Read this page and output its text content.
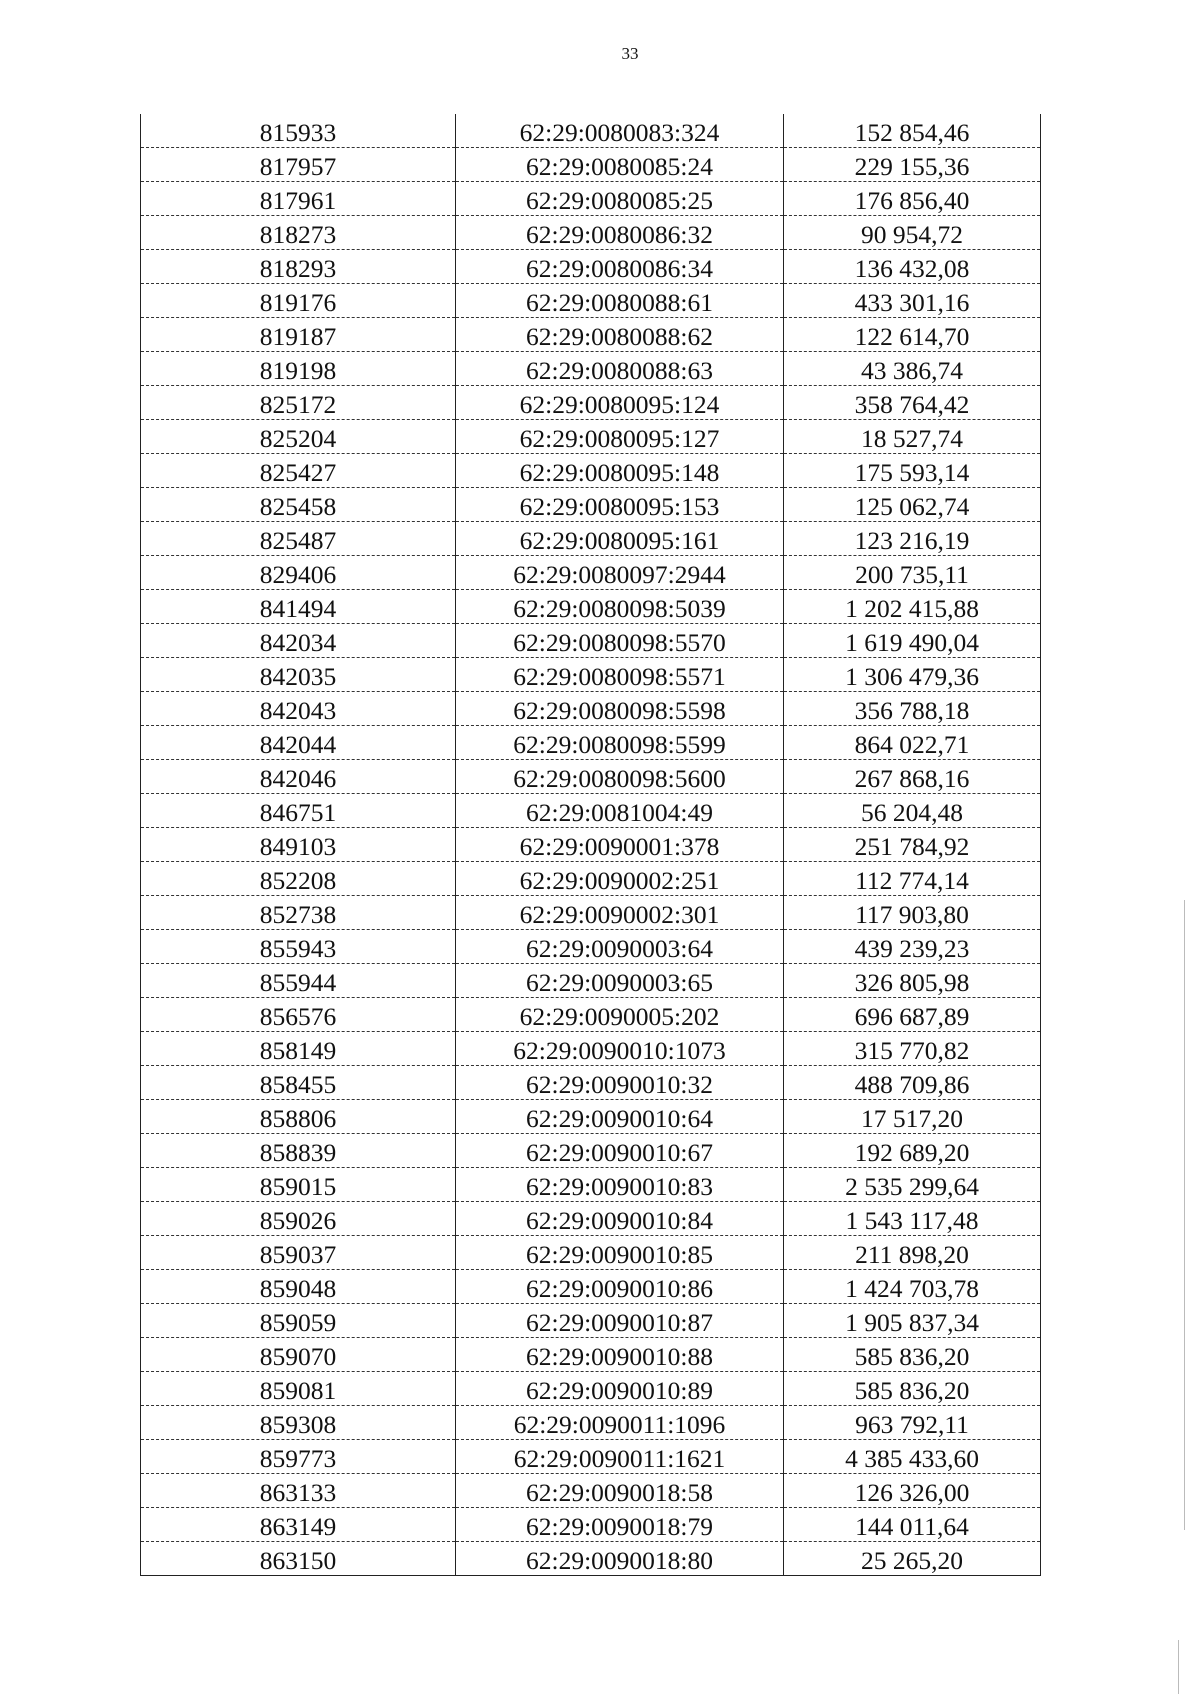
33
815933	62:29:0080083:324	152 854,46
817957	62:29:0080085:24	229 155,36
817961	62:29:0080085:25	176 856,40
818273	62:29:0080086:32	90 954,72
818293	62:29:0080086:34	136 432,08
819176	62:29:0080088:61	433 301,16
819187	62:29:0080088:62	122 614,70
819198	62:29:0080088:63	43 386,74
825172	62:29:0080095:124	358 764,42
825204	62:29:0080095:127	18 527,74
825427	62:29:0080095:148	175 593,14
825458	62:29:0080095:153	125 062,74
825487	62:29:0080095:161	123 216,19
829406	62:29:0080097:2944	200 735,11
841494	62:29:0080098:5039	1 202 415,88
842034	62:29:0080098:5570	1 619 490,04
842035	62:29:0080098:5571	1 306 479,36
842043	62:29:0080098:5598	356 788,18
842044	62:29:0080098:5599	864 022,71
842046	62:29:0080098:5600	267 868,16
846751	62:29:0081004:49	56 204,48
849103	62:29:0090001:378	251 784,92
852208	62:29:0090002:251	112 774,14
852738	62:29:0090002:301	117 903,80
855943	62:29:0090003:64	439 239,23
855944	62:29:0090003:65	326 805,98
856576	62:29:0090005:202	696 687,89
858149	62:29:0090010:1073	315 770,82
858455	62:29:0090010:32	488 709,86
858806	62:29:0090010:64	17 517,20
858839	62:29:0090010:67	192 689,20
859015	62:29:0090010:83	2 535 299,64
859026	62:29:0090010:84	1 543 117,48
859037	62:29:0090010:85	211 898,20
859048	62:29:0090010:86	1 424 703,78
859059	62:29:0090010:87	1 905 837,34
859070	62:29:0090010:88	585 836,20
859081	62:29:0090010:89	585 836,20
859308	62:29:0090011:1096	963 792,11
859773	62:29:0090011:1621	4 385 433,60
863133	62:29:0090018:58	126 326,00
863149	62:29:0090018:79	144 011,64
863150	62:29:0090018:80	25 265,20
